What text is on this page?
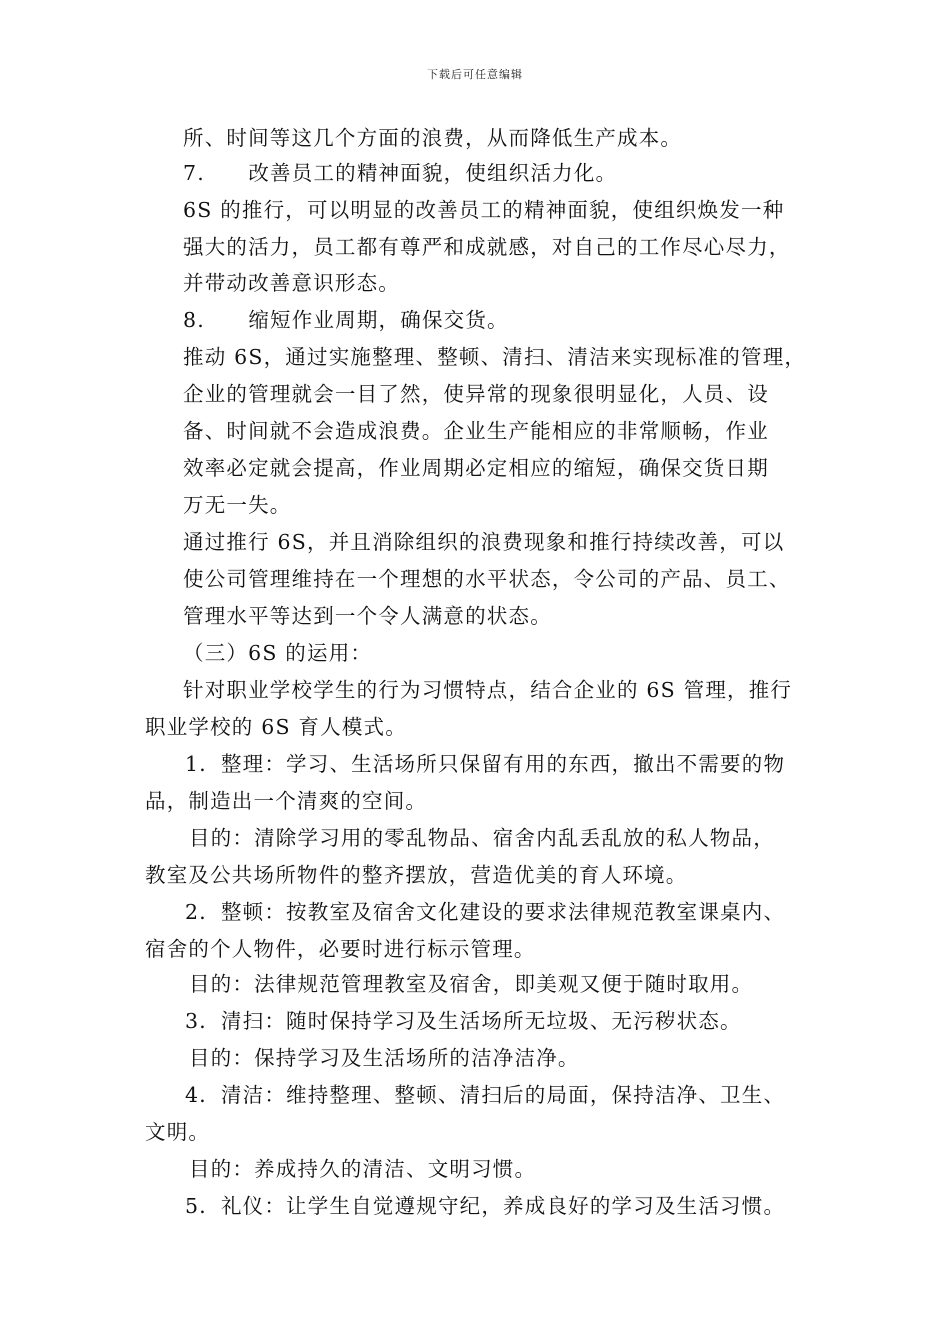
下载后可任意编辑
所、时间等这几个方面的浪费，从而降低生产成本。
7.　　改善员工的精神面貌，使组织活力化。
6S 的推行，可以明显的改善员工的精神面貌，使组织焕发一种
强大的活力，员工都有尊严和成就感，对自己的工作尽心尽力，
并带动改善意识形态。
8.　　缩短作业周期，确保交货。
推动 6S，通过实施整理、整顿、清扫、清洁来实现标准的管理，
企业的管理就会一目了然，使异常的现象很明显化，人员、设
备、时间就不会造成浪费。企业生产能相应的非常顺畅，作业
效率必定就会提高，作业周期必定相应的缩短，确保交货日期
万无一失。
通过推行 6S，并且消除组织的浪费现象和推行持续改善，可以
使公司管理维持在一个理想的水平状态，令公司的产品、员工、
管理水平等达到一个令人满意的状态。
（三）6S 的运用：
针对职业学校学生的行为习惯特点，结合企业的 6S 管理，推行
职业学校的 6S 育人模式。
1．整理：学习、生活场所只保留有用的东西，撤出不需要的物
品，制造出一个清爽的空间。
目的：清除学习用的零乱物品、宿舍内乱丢乱放的私人物品，
教室及公共场所物件的整齐摆放，营造优美的育人环境。
2．整顿：按教室及宿舍文化建设的要求法律规范教室课桌内、
宿舍的个人物件，必要时进行标示管理。
目的：法律规范管理教室及宿舍，即美观又便于随时取用。
3．清扫：随时保持学习及生活场所无垃圾、无污秽状态。
目的：保持学习及生活场所的洁净洁净。
4．清洁：维持整理、整顿、清扫后的局面，保持洁净、卫生、
文明。
目的：养成持久的清洁、文明习惯。
5．礼仪：让学生自觉遵规守纪，养成良好的学习及生活习惯。
